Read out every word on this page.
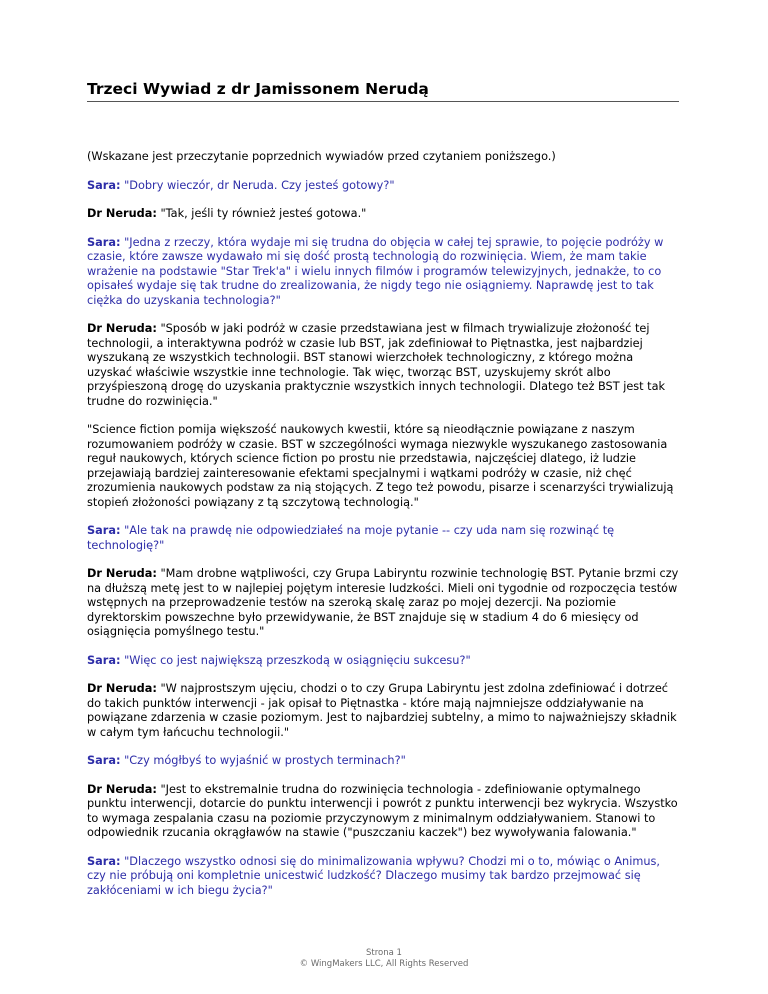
Trzeci Wywiad z dr Jamissonem Nerudą

(Wskazane jest przeczytanie poprzednich wywiadów przed czytaniem poniższego.)

Sara: "Dobry wieczór, dr Neruda. Czy jesteś gotowy?"

Dr Neruda: "Tak, jeśli ty również jesteś gotowa."

Sara: "Jedna z rzeczy, która wydaje mi się trudna do objęcia w całej tej sprawie, to pojęcie podróży w czasie, które zawsze wydawało mi się dość prostą technologią do rozwinięcia. Wiem, że mam takie wrażenie na podstawie "Star Trek'a" i wielu innych filmów i programów telewizyjnych, jednakże, to co opisałeś wydaje się tak trudne do zrealizowania, że nigdy tego nie osiągniemy. Naprawdę jest to tak ciężka do uzyskania technologia?"

Dr Neruda: "Sposób w jaki podróż w czasie przedstawiana jest w filmach trywializuje złożoność tej technologii, a interaktywna podróż w czasie lub BST, jak zdefiniował to Piętnastka, jest najbardziej wyszukaną ze wszystkich technologii. BST stanowi wierzchołek technologiczny, z którego można uzyskać właściwie wszystkie inne technologie. Tak więc, tworząc BST, uzyskujemy skrót albo przyśpieszoną drogę do uzyskania praktycznie wszystkich innych technologii. Dlatego też BST jest tak trudne do rozwinięcia."

"Science fiction pomija większość naukowych kwestii, które są nieodłącznie powiązane z naszym rozumowaniem podróży w czasie. BST w szczególności wymaga niezwykle wyszukanego zastosowania reguł naukowych, których science fiction po prostu nie przedstawia, najczęściej dlatego, iż ludzie przejawiają bardziej zainteresowanie efektami specjalnymi i wątkami podróży w czasie, niż chęć zrozumienia naukowych podstaw za nią stojących. Z tego też powodu, pisarze i scenarzyści trywializują stopień złożoności powiązany z tą szczytową technologią."

Sara: "Ale tak na prawdę nie odpowiedziałeś na moje pytanie -- czy uda nam się rozwinąć tę technologię?"

Dr Neruda: "Mam drobne wątpliwości, czy Grupa Labiryntu rozwinie technologię BST. Pytanie brzmi czy na dłuższą metę jest to w najlepiej pojętym interesie ludzkości. Mieli oni tygodnie od rozpoczęcia testów wstępnych na przeprowadzenie testów na szeroką skalę zaraz po mojej dezercji. Na poziomie dyrektorskim powszechne było przewidywanie, że BST znajduje się w stadium 4 do 6 miesięcy od osiągnięcia pomyślnego testu."

Sara: "Więc co jest największą przeszkodą w osiągnięciu sukcesu?"

Dr Neruda: "W najprostszym ujęciu, chodzi o to czy Grupa Labiryntu jest zdolna zdefiniować i dotrzeć do takich punktów interwencji - jak opisał to Piętnastka - które mają najmniejsze oddziaływanie na powiązane zdarzenia w czasie poziomym. Jest to najbardziej subtelny, a mimo to najważniejszy składnik w całym tym łańcuchu technologii."

Sara: "Czy mógłbyś to wyjaśnić w prostych terminach?"

Dr Neruda: "Jest to ekstremalnie trudna do rozwinięcia technologia - zdefiniowanie optymalnego punktu interwencji, dotarcie do punktu interwencji i powrót z punktu interwencji bez wykrycia. Wszystko to wymaga zespalania czasu na poziomie przyczynowym z minimalnym oddziaływaniem. Stanowi to odpowiednik rzucania okrągławów na stawie ("puszczaniu kaczek") bez wywoływania falowania."

Sara: "Dlaczego wszystko odnosi się do minimalizowania wpływu? Chodzi mi o to, mówiąc o Animus, czy nie próbują oni kompletnie unicestwić ludzkość? Dlaczego musimy tak bardzo przejmować się zakłóceniami w ich biegu życia?"

Strona 1
© WingMakers LLC, All Rights Reserved
